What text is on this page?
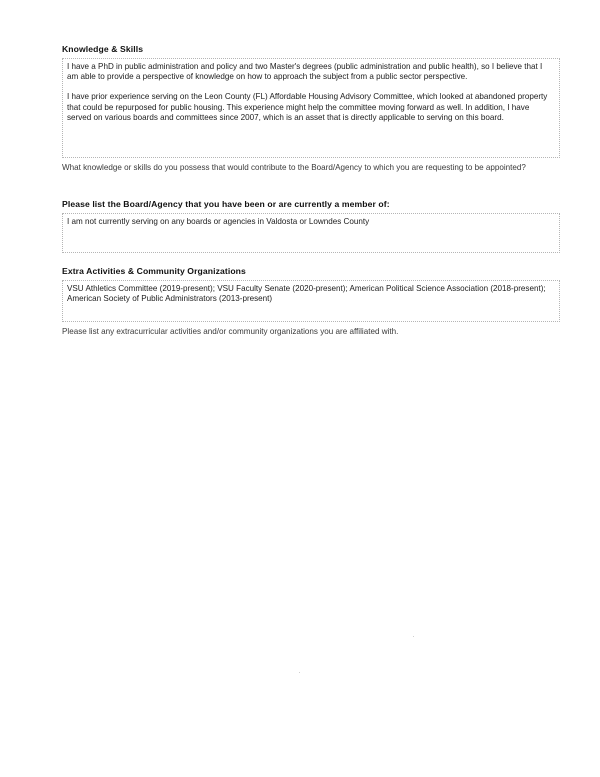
Knowledge & Skills

I have a PhD in public administration and policy and two Master's degrees (public administration and public health), so I believe that I am able to provide a perspective of knowledge on how to approach the subject from a public sector perspective.

I have prior experience serving on the Leon County (FL) Affordable Housing Advisory Committee, which looked at abandoned property that could be repurposed for public housing. This experience might help the committee moving forward as well. In addition, I have served on various boards and committees since 2007, which is an asset that is directly applicable to serving on this board.

What knowledge or skills do you possess that would contribute to the Board/Agency to which you are requesting to be appointed?
Please list the Board/Agency that you have been or are currently a member of:

I am not currently serving on any boards or agencies in Valdosta or Lowndes County

Extra Activities & Community Organizations

VSU Athletics Committee (2019-present); VSU Faculty Senate (2020-present); American Political Science Association (2018-present); American Society of Public Administrators (2013-present)

Please list any extracurricular activities and/or community organizations you are affiliated with.
